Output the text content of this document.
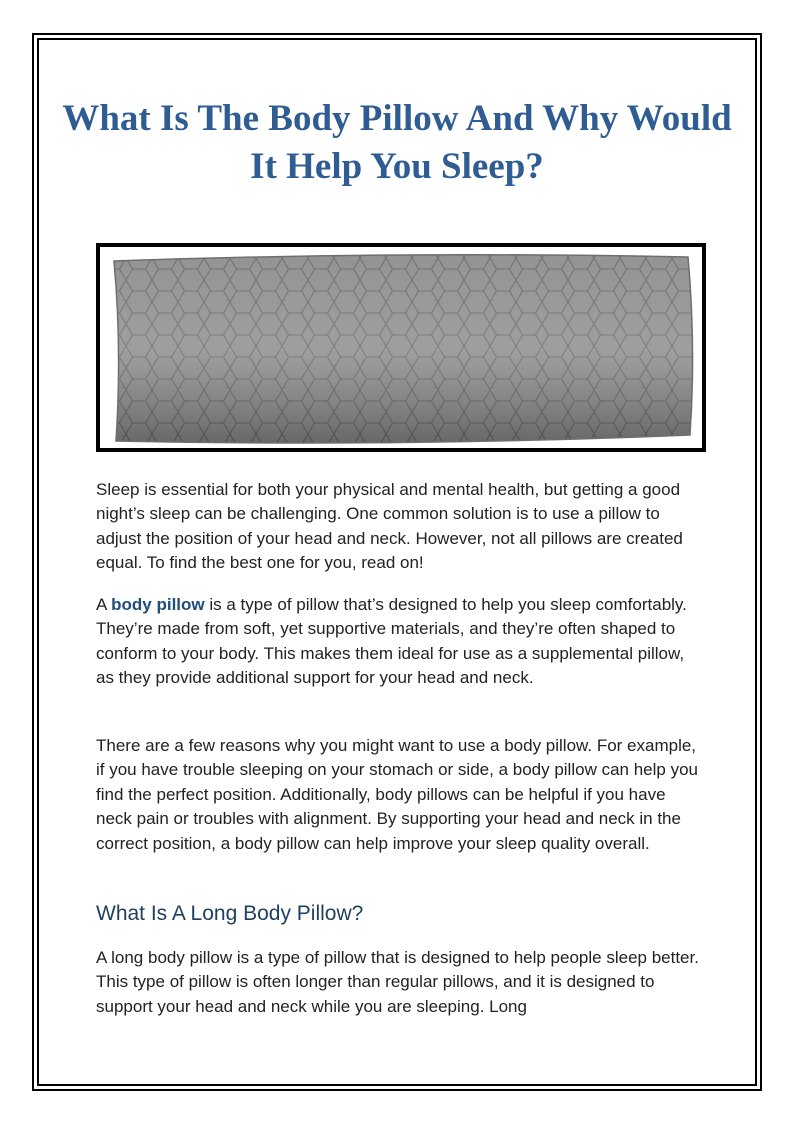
What Is The Body Pillow And Why Would It Help You Sleep?

Sleep is essential for both your physical and mental health, but getting a good night’s sleep can be challenging. One common solution is to use a pillow to adjust the position of your head and neck. However, not all pillows are created equal. To find the best one for you, read on!

A body pillow is a type of pillow that’s designed to help you sleep comfortably. They’re made from soft, yet supportive materials, and they’re often shaped to conform to your body. This makes them ideal for use as a supplemental pillow, as they provide additional support for your head and neck.

There are a few reasons why you might want to use a body pillow. For example, if you have trouble sleeping on your stomach or side, a body pillow can help you find the perfect position. Additionally, body pillows can be helpful if you have neck pain or troubles with alignment. By supporting your head and neck in the correct position, a body pillow can help improve your sleep quality overall.

What Is A Long Body Pillow?

A long body pillow is a type of pillow that is designed to help people sleep better. This type of pillow is often longer than regular pillows, and it is designed to support your head and neck while you are sleeping. Long
